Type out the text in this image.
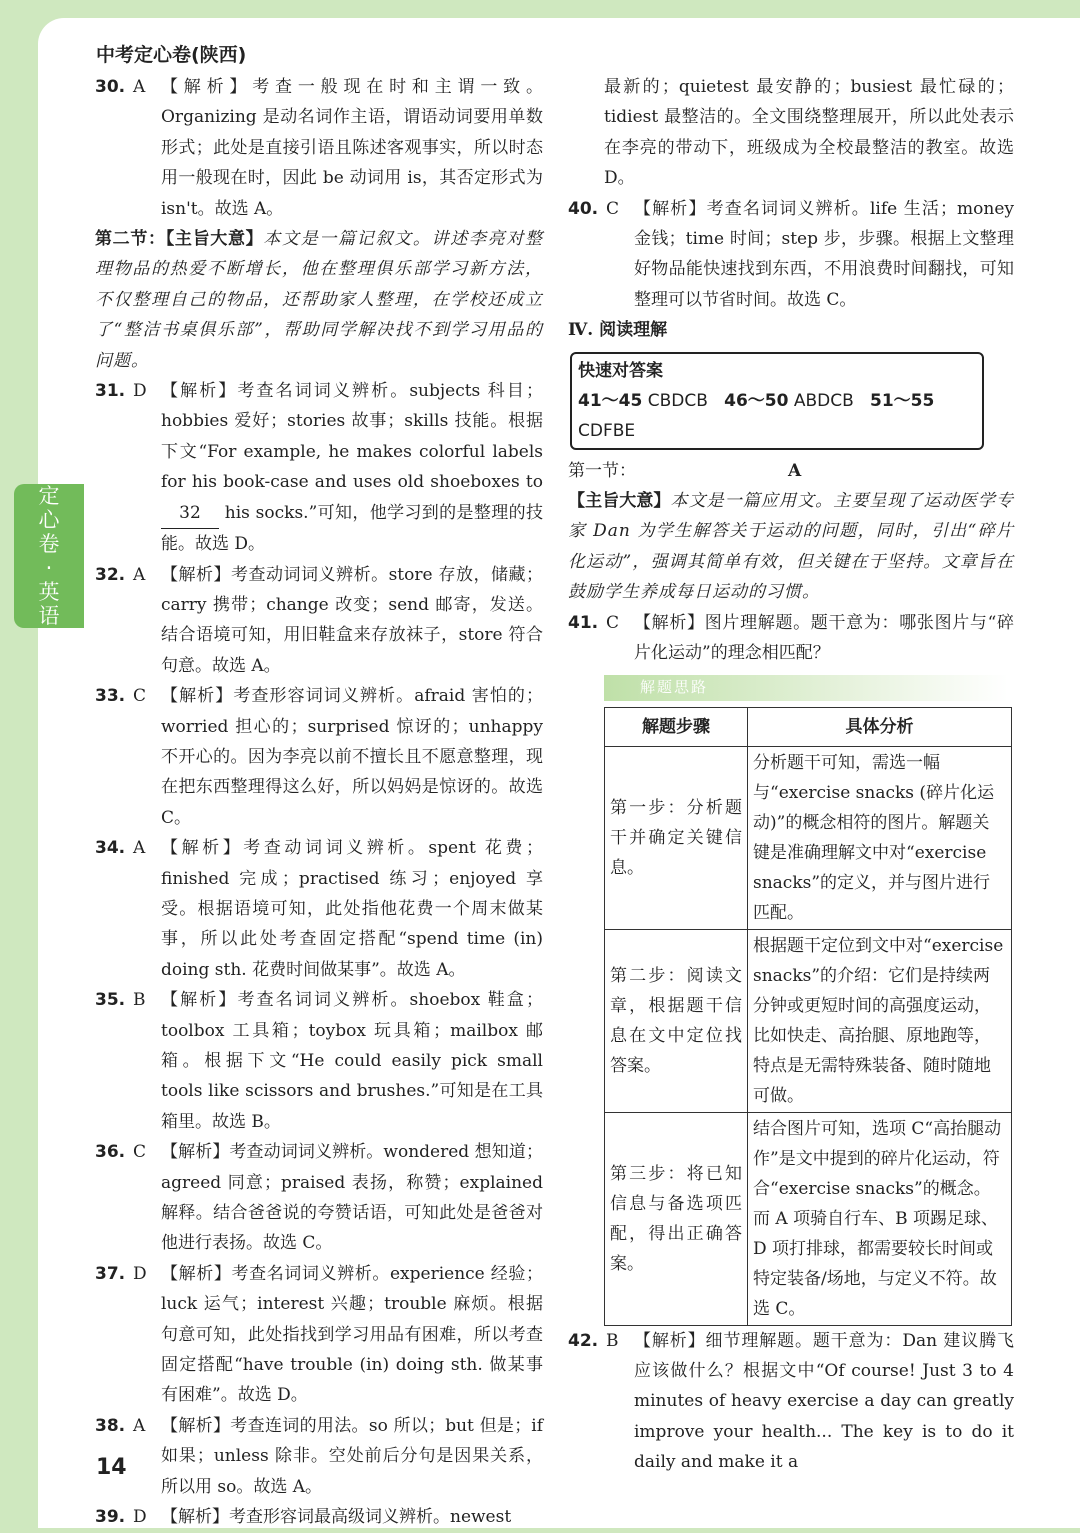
中考定心卷(陕西)
定
心
卷
·
英
语
30. A 【解析】考查一般现在时和主谓一致。Organizing 是动名词作主语，谓语动词要用单数形式；此处是直接引语且陈述客观事实，所以时态用一般现在时，因此 be 动词用 is，其否定形式为 isn't。故选 A。
第二节：【主旨大意】本文是一篇记叙文。讲述李亮对整理物品的热爱不断增长，他在整理俱乐部学习新方法，不仅整理自己的物品，还帮助家人整理，在学校还成立了“整洁书桌俱乐部”，帮助同学解决找不到学习用品的问题。
31. D 【解析】考查名词词义辨析。subjects 科目；hobbies 爱好；stories 故事；skills 技能。根据下文“For example, he makes colorful labels for his book-case and uses old shoeboxes to 32 his socks.”可知，他学习到的是整理的技能。故选 D。
32. A 【解析】考查动词词义辨析。store 存放，储藏；carry 携带；change 改变；send 邮寄，发送。结合语境可知，用旧鞋盒来存放袜子，store 符合句意。故选 A。
33. C 【解析】考查形容词词义辨析。afraid 害怕的；worried 担心的；surprised 惊讶的；unhappy 不开心的。因为李亮以前不擅长且不愿意整理，现在把东西整理得这么好，所以妈妈是惊讶的。故选 C。
34. A 【解析】考查动词词义辨析。spent 花费；finished 完成；practised 练习；enjoyed 享受。根据语境可知，此处指他花费一个周末做某事，所以此处考查固定搭配“spend time (in) doing sth. 花费时间做某事”。故选 A。
35. B 【解析】考查名词词义辨析。shoebox 鞋盒；toolbox 工具箱；toybox 玩具箱；mailbox 邮箱。根据下文“He could easily pick small tools like scissors and brushes.”可知是在工具箱里。故选 B。
36. C 【解析】考查动词词义辨析。wondered 想知道；agreed 同意；praised 表扬，称赞；explained 解释。结合爸爸说的夸赞话语，可知此处是爸爸对他进行表扬。故选 C。
37. D 【解析】考查名词词义辨析。experience 经验；luck 运气；interest 兴趣；trouble 麻烦。根据句意可知，此处指找到学习用品有困难，所以考查固定搭配“have trouble (in) doing sth. 做某事有困难”。故选 D。
38. A 【解析】考查连词的用法。so 所以；but 但是；if 如果；unless 除非。空处前后分句是因果关系，所以用 so。故选 A。
39. D 【解析】考查形容词最高级词义辨析。newest
最新的；quietest 最安静的；busiest 最忙碌的；tidiest 最整洁的。全文围绕整理展开，所以此处表示在李亮的带动下，班级成为全校最整洁的教室。故选 D。
40. C 【解析】考查名词词义辨析。life 生活；money 金钱；time 时间；step 步，步骤。根据上文整理好物品能快速找到东西，不用浪费时间翻找，可知整理可以节省时间。故选 C。
Ⅳ. 阅读理解
快速对答案
41～45 CBDCB 46～50 ABDCB 51～55 CDFBE
第一节：	A
【主旨大意】本文是一篇应用文。主要呈现了运动医学专家 Dan 为学生解答关于运动的问题，同时，引出“碎片化运动”，强调其简单有效，但关键在于坚持。文章旨在鼓励学生养成每日运动的习惯。
41. C 【解析】图片理解题。题干意为：哪张图片与“碎片化运动”的理念相匹配？
解题思路
解题步骤	具体分析
第一步：分析题干并确定关键信息。	分析题干可知，需选一幅与“exercise snacks (碎片化运动)”的概念相符的图片。解题关键是准确理解文中对“exercise snacks”的定义，并与图片进行匹配。
第二步：阅读文章，根据题干信息在文中定位找答案。	根据题干定位到文中对“exercise snacks”的介绍：它们是持续两分钟或更短时间的高强度运动，比如快走、高抬腿、原地跑等，特点是无需特殊装备、随时随地可做。
第三步：将已知信息与备选项匹配，得出正确答案。	结合图片可知，选项 C“高抬腿动作”是文中提到的碎片化运动，符合“exercise snacks”的概念。而 A 项骑自行车、B 项踢足球、D 项打排球，都需要较长时间或特定装备/场地，与定义不符。故选 C。
42. B 【解析】细节理解题。题干意为：Dan 建议腾飞应该做什么？根据文中“Of course! Just 3 to 4 minutes of heavy exercise a day can greatly improve your health... The key is to do it daily and make it a
14
